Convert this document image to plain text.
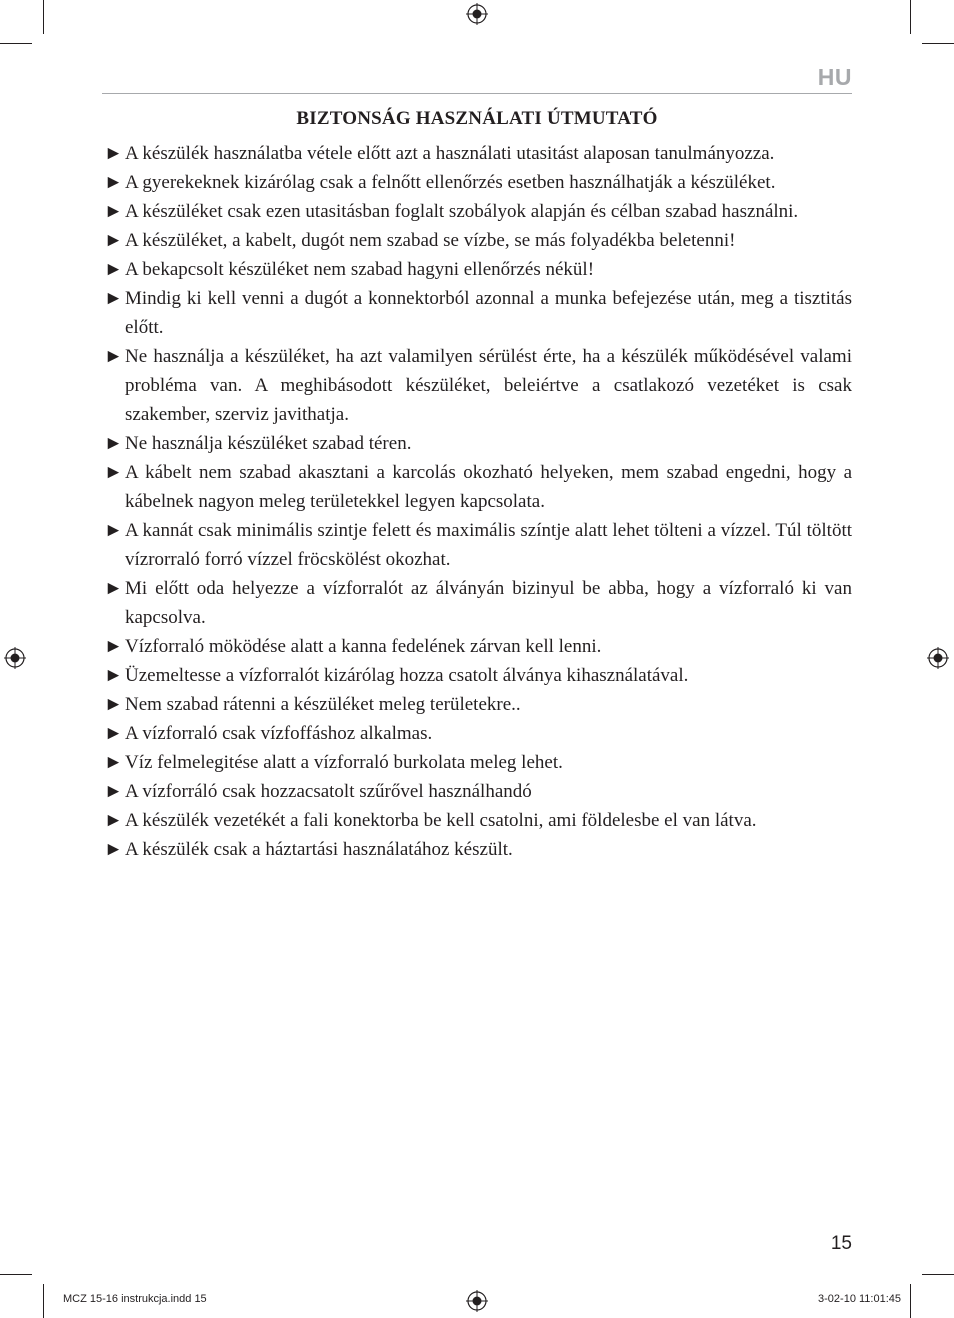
HU
BIZTONSÁG HASZNÁLATI ÚTMUTATÓ
► A készülék használatba vétele előtt azt a használati utasitást alaposan tanulmányozza.
► A gyerekeknek kizárólag csak a felnőtt ellenőrzés esetben használhatják a készüléket.
► A készüléket csak ezen utasitásban foglalt szobályok alapján és célban szabad használni.
► A készüléket, a kabelt, dugót nem szabad se vízbe, se más folyadékba beletenni!
► A bekapcsolt készüléket nem szabad hagyni ellenőrzés nékül!
► Mindig ki kell venni a dugót a konnektorból azonnal a munka befejezése után, meg a tisztitás előtt.
► Ne használja a készüléket, ha azt valamilyen sérülést érte, ha a készülék működésével valami probléma van. A meghibásodott készüléket, beleiértve a csatlakozó vezetéket is csak szakember, szerviz javithatja.
► Ne használja készüléket szabad téren.
► A kábelt nem szabad akasztani a karcolás okozható helyeken, mem szabad engedni, hogy a kábelnek nagyon meleg területekkel legyen kapcsolata.
► A kannát csak minimális szintje felett és maximális színtje alatt lehet tölteni a vízzel. Túl töltött vízrorraló forró vízzel fröcskölést okozhat.
► Mi előtt oda helyezze a vízforralót az álványán bizinyul be abba, hogy a vízforraló ki van kapcsolva.
► Vízforraló möködése alatt a kanna fedelének zárvan kell lenni.
► Üzemeltesse a vízforralót kizárólag hozza csatolt álványa kihasználatával.
► Nem szabad rátenni a készüléket meleg területekre..
► A vízforraló csak vízfoffáshoz alkalmas.
► Víz felmelegitése alatt a vízforraló burkolata meleg lehet.
► A vízforráló csak hozzacsatolt szűrővel használhandó
► A készülék vezetékét a fali konektorba be kell csatolni, ami földelesbe el van látva.
► A készülék csak a háztartási használatához készült.
15
MCZ 15-16 instrukcja.indd 15	3-02-10 11:01:45
